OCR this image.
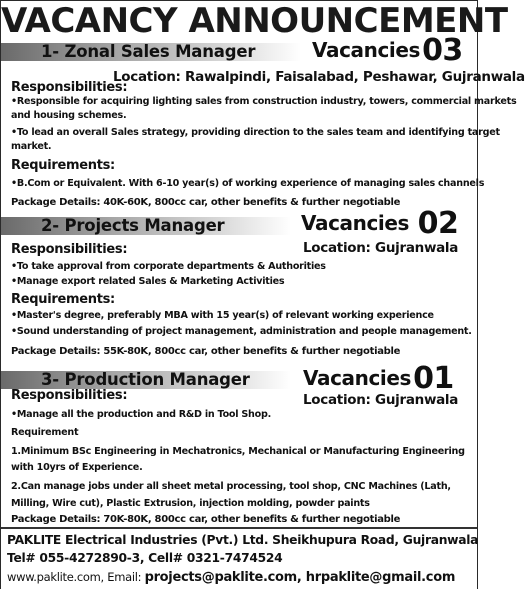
VACANCY ANNOUNCEMENT
1- Zonal Sales Manager	Vacancies03
Responsibilities:
Location: Rawalpindi, Faisalabad, Peshawar, Gujranwala
•Responsible for acquiring lighting sales from construction industry, towers, commercial markets
and housing schemes.
•To lead an overall Sales strategy, providing direction to the sales team and identifying target
market.
Requirements:
•B.Com or Equivalent. With 6-10 year(s) of working experience of managing sales channels
Package Details: 40K-60K, 800cc car, other benefits & further negotiable
2- Projects Manager	Vacancies 02
Responsibilities:	Location: Gujranwala
•To take approval from corporate departments & Authorities
•Manage export related Sales & Marketing Activities
Requirements:
•Master's degree, preferably MBA with 15 year(s) of relevant working experience
•Sound understanding of project management, administration and people management.
Package Details: 55K-80K, 800cc car, other benefits & further negotiable
3- Production Manager	Vacancies01
Responsibilities:	Location: Gujranwala
•Manage all the production and R&D in Tool Shop.
Requirement
1.Minimum BSc Engineering in Mechatronics, Mechanical or Manufacturing Engineering
with 10yrs of Experience.
2.Can manage jobs under all sheet metal processing, tool shop, CNC Machines (Lath,
Milling, Wire cut), Plastic Extrusion, injection molding, powder paints
Package Details: 70K-80K, 800cc car, other benefits & further negotiable
PAKLITE Electrical Industries (Pvt.) Ltd. Sheikhupura Road, Gujranwala
Tel# 055-4272890-3, Cell# 0321-7474524
www.paklite.com, Email: projects@paklite.com, hrpaklite@gmail.com
